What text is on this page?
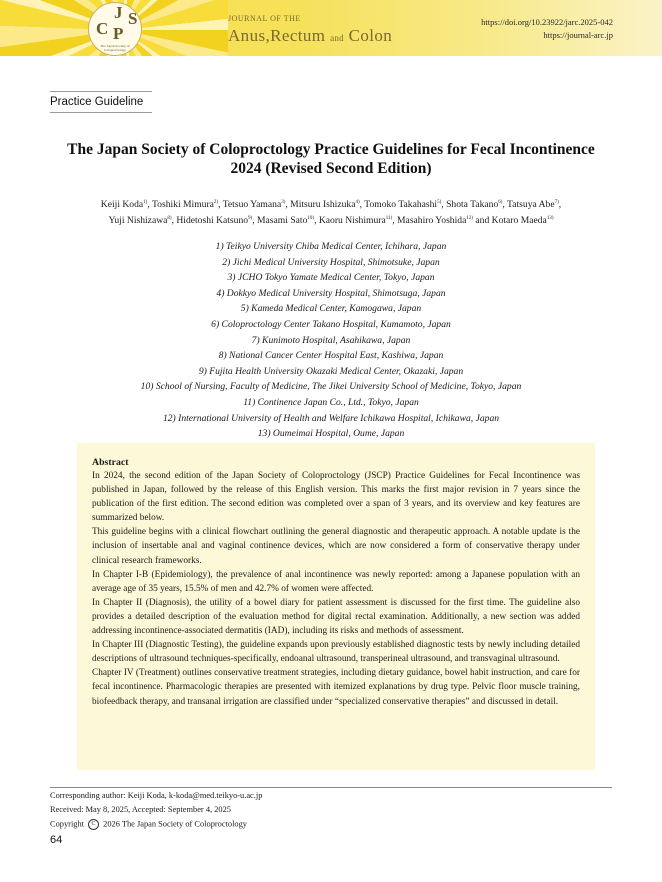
J S
C P
The Japan Society of Coloproctology
JOURNAL OF THE
Anus,Rectum and Colon
https://doi.org/10.23922/jarc.2025-042
https://journal-arc.jp
Practice Guideline
The Japan Society of Coloproctology Practice Guidelines for Fecal Incontinence
2024 (Revised Second Edition)
Keiji Koda$^{1)}$, Toshiki Mimura$^{2)}$, Tetsuo Yamana$^{3)}$, Mitsuru Ishizuka$^{4)}$, Tomoko Takahashi$^{5)}$, Shota Takano$^{6)}$, Tatsuya Abe$^{7)}$,
Yuji Nishizawa$^{8)}$, Hidetoshi Katsuno$^{9)}$, Masami Sato$^{10)}$, Kaoru Nishimura$^{11)}$, Masahiro Yoshida$^{12)}$ and Kotaro Maeda$^{13)}$
1) Teikyo University Chiba Medical Center, Ichihara, Japan
2) Jichi Medical University Hospital, Shimotsuke, Japan
3) JCHO Tokyo Yamate Medical Center, Tokyo, Japan
4) Dokkyo Medical University Hospital, Shimotsuga, Japan
5) Kameda Medical Center, Kamogawa, Japan
6) Coloproctology Center Takano Hospital, Kumamoto, Japan
7) Kunimoto Hospital, Asahikawa, Japan
8) National Cancer Center Hospital East, Kashiwa, Japan
9) Fujita Health University Okazaki Medical Center, Okazaki, Japan
10) School of Nursing, Faculty of Medicine, The Jikei University School of Medicine, Tokyo, Japan
11) Continence Japan Co., Ltd., Tokyo, Japan
12) International University of Health and Welfare Ichikawa Hospital, Ichikawa, Japan
13) Oumeimai Hospital, Oume, Japan
Abstract

In 2024, the second edition of the Japan Society of Coloproctology (JSCP) Practice Guidelines for Fecal Incontinence was published in Japan, followed by the release of this English version. This marks the first major revision in 7 years since the publication of the first edition. The second edition was completed over a span of 3 years, and its overview and key features are summarized below.

This guideline begins with a clinical flowchart outlining the general diagnostic and therapeutic approach. A notable update is the inclusion of insertable anal and vaginal continence devices, which are now considered a form of conservative therapy under clinical research frameworks.

In Chapter I-B (Epidemiology), the prevalence of anal incontinence was newly reported: among a Japanese population with an average age of 35 years, 15.5% of men and 42.7% of women were affected.

In Chapter II (Diagnosis), the utility of a bowel diary for patient assessment is discussed for the first time. The guideline also provides a detailed description of the evaluation method for digital rectal examination. Additionally, a new section was added addressing incontinence-associated dermatitis (IAD), including its risks and methods of assessment.

In Chapter III (Diagnostic Testing), the guideline expands upon previously established diagnostic tests by newly including detailed descriptions of ultrasound techniques-specifically, endoanal ultrasound, transperineal ultrasound, and transvaginal ultrasound.

Chapter IV (Treatment) outlines conservative treatment strategies, including dietary guidance, bowel habit instruction, and care for fecal incontinence. Pharmacologic therapies are presented with itemized explanations by drug type. Pelvic floor muscle training, biofeedback therapy, and transanal irrigation are classified under “specialized conservative therapies” and discussed in detail.

Corresponding author: Keiji Koda, k-koda@med.teikyo-u.ac.jp
Received: May 8, 2025, Accepted: September 4, 2025
Copyright C 2026 The Japan Society of Coloproctology
64
